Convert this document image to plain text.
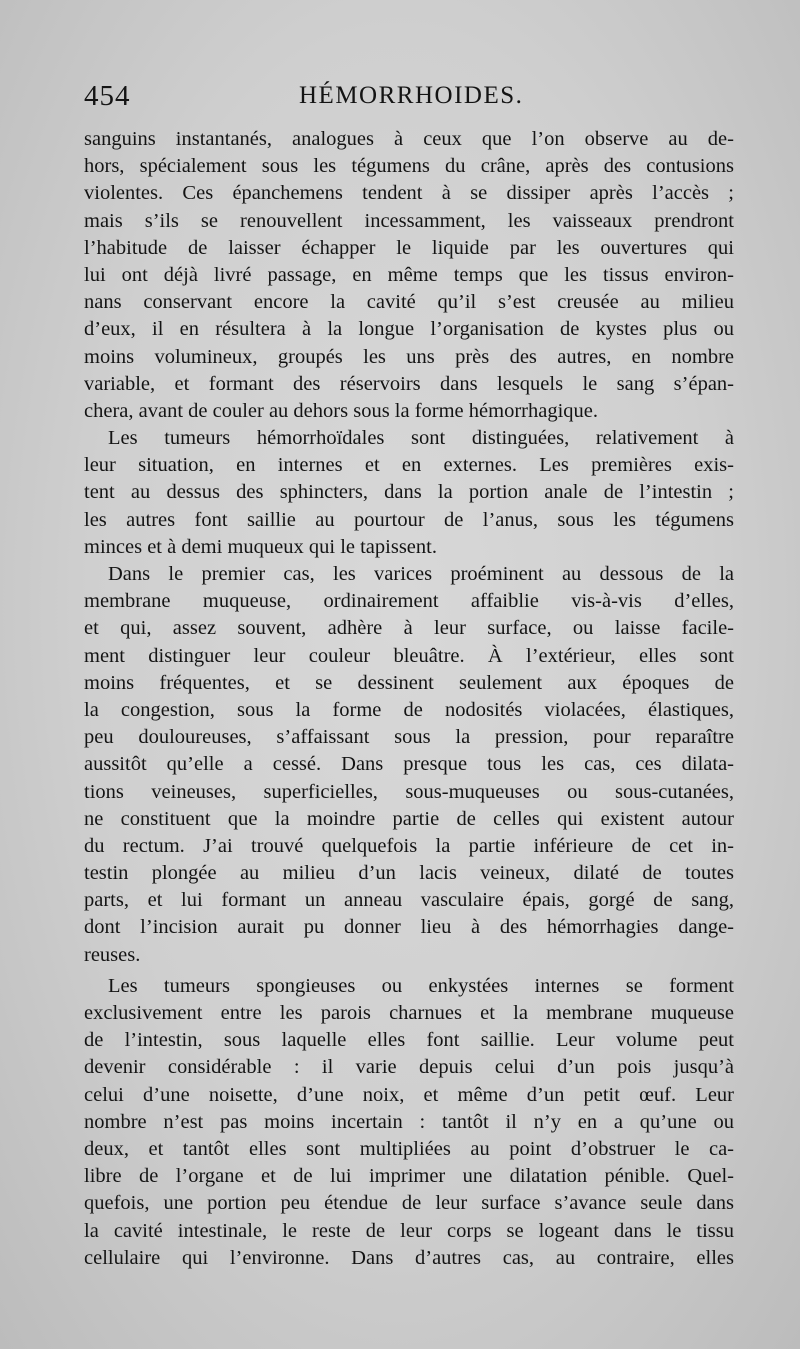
454	HÉMORRHOIDES.
sanguins instantanés, analogues à ceux que l’on observe au de-
hors, spécialement sous les tégumens du crâne, après des contusions
violentes. Ces épanchemens tendent à se dissiper après l’accès ;
mais s’ils se renouvellent incessamment, les vaisseaux prendront
l’habitude de laisser échapper le liquide par les ouvertures qui
lui ont déjà livré passage, en même temps que les tissus environ-
nans conservant encore la cavité qu’il s’est creusée au milieu
d’eux, il en résultera à la longue l’organisation de kystes plus ou
moins volumineux, groupés les uns près des autres, en nombre
variable, et formant des réservoirs dans lesquels le sang s’épan-
chera, avant de couler au dehors sous la forme hémorrhagique.
Les tumeurs hémorrhoïdales sont distinguées, relativement à
leur situation, en internes et en externes. Les premières exis-
tent au dessus des sphincters, dans la portion anale de l’intestin ;
les autres font saillie au pourtour de l’anus, sous les tégumens
minces et à demi muqueux qui le tapissent.
Dans le premier cas, les varices proéminent au dessous de la
membrane muqueuse, ordinairement affaiblie vis-à-vis d’elles,
et qui, assez souvent, adhère à leur surface, ou laisse facile-
ment distinguer leur couleur bleuâtre. À l’extérieur, elles sont
moins fréquentes, et se dessinent seulement aux époques de
la congestion, sous la forme de nodosités violacées, élastiques,
peu douloureuses, s’affaissant sous la pression, pour reparaître
aussitôt qu’elle a cessé. Dans presque tous les cas, ces dilata-
tions veineuses, superficielles, sous-muqueuses ou sous-cutanées,
ne constituent que la moindre partie de celles qui existent autour
du rectum. J’ai trouvé quelquefois la partie inférieure de cet in-
testin plongée au milieu d’un lacis veineux, dilaté de toutes
parts, et lui formant un anneau vasculaire épais, gorgé de sang,
dont l’incision aurait pu donner lieu à des hémorrhagies dange-
reuses.
Les tumeurs spongieuses ou enkystées internes se forment
exclusivement entre les parois charnues et la membrane muqueuse
de l’intestin, sous laquelle elles font saillie. Leur volume peut
devenir considérable : il varie depuis celui d’un pois jusqu’à
celui d’une noisette, d’une noix, et même d’un petit œuf. Leur
nombre n’est pas moins incertain : tantôt il n’y en a qu’une ou
deux, et tantôt elles sont multipliées au point d’obstruer le ca-
libre de l’organe et de lui imprimer une dilatation pénible. Quel-
quefois, une portion peu étendue de leur surface s’avance seule dans
la cavité intestinale, le reste de leur corps se logeant dans le tissu
cellulaire qui l’environne. Dans d’autres cas, au contraire, elles
